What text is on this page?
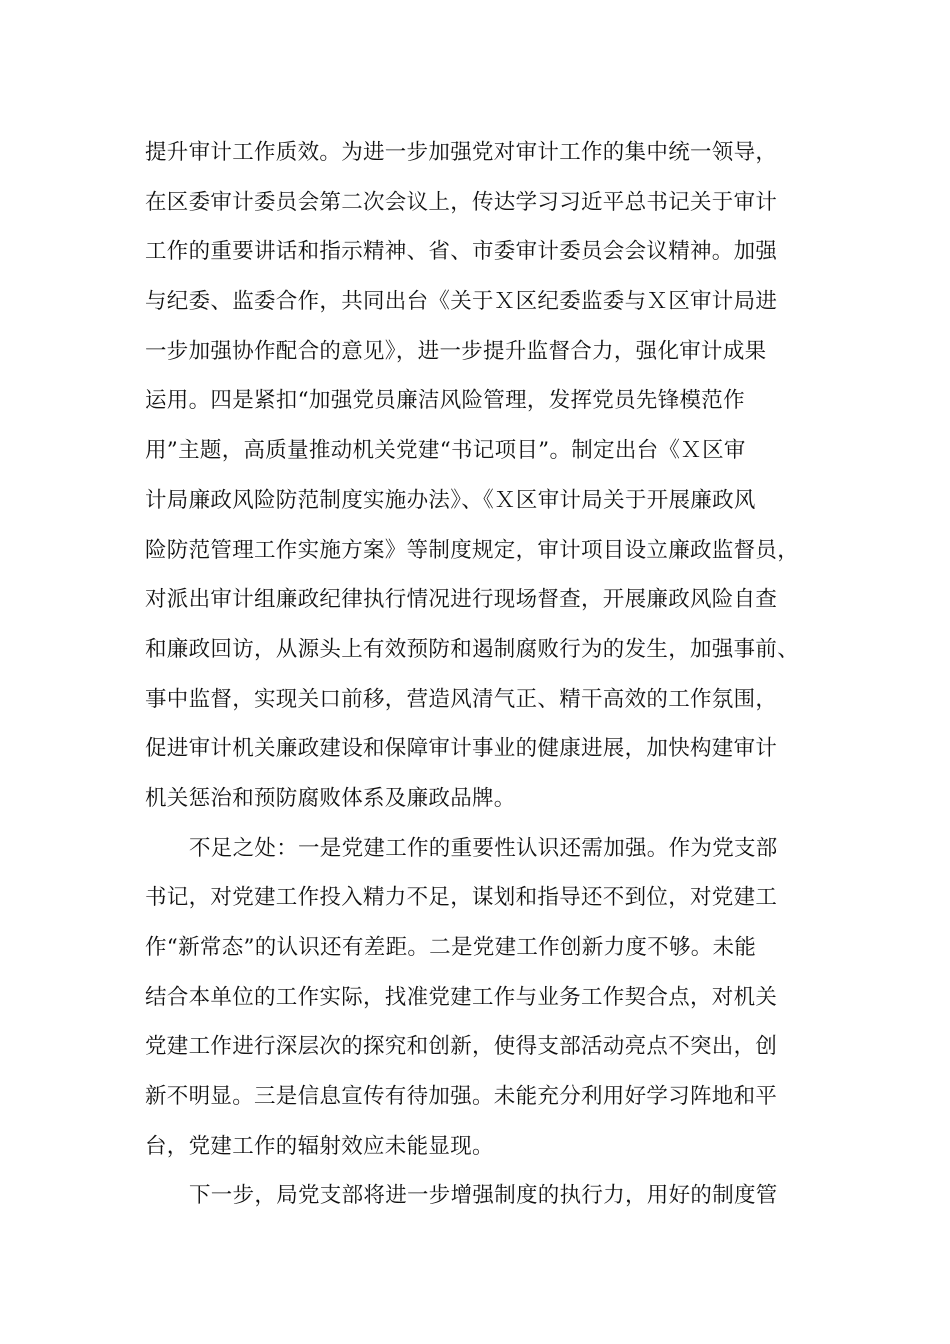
提升审计工作质效。为进一步加强党对审计工作的集中统一领导，
在区委审计委员会第二次会议上，传达学习习近平总书记关于审计
工作的重要讲话和指示精神、省、市委审计委员会会议精神。加强
与纪委、监委合作，共同出台《关于Ｘ区纪委监委与Ｘ区审计局进
一步加强协作配合的意见》，进一步提升监督合力，强化审计成果
运用。四是紧扣“加强党员廉洁风险管理，发挥党员先锋模范作
用”主题，高质量推动机关党建“书记项目”。制定出台《Ｘ区审
计局廉政风险防范制度实施办法》、《Ｘ区审计局关于开展廉政风
险防范管理工作实施方案》等制度规定，审计项目设立廉政监督员，
对派出审计组廉政纪律执行情况进行现场督查，开展廉政风险自查
和廉政回访，从源头上有效预防和遏制腐败行为的发生，加强事前、
事中监督，实现关口前移，营造风清气正、精干高效的工作氛围，
促进审计机关廉政建设和保障审计事业的健康进展，加快构建审计
机关惩治和预防腐败体系及廉政品牌。
不足之处：一是党建工作的重要性认识还需加强。作为党支部
书记，对党建工作投入精力不足，谋划和指导还不到位，对党建工
作“新常态”的认识还有差距。二是党建工作创新力度不够。未能
结合本单位的工作实际，找准党建工作与业务工作契合点，对机关
党建工作进行深层次的探究和创新，使得支部活动亮点不突出，创
新不明显。三是信息宣传有待加强。未能充分利用好学习阵地和平
台，党建工作的辐射效应未能显现。
下一步，局党支部将进一步增强制度的执行力，用好的制度管
